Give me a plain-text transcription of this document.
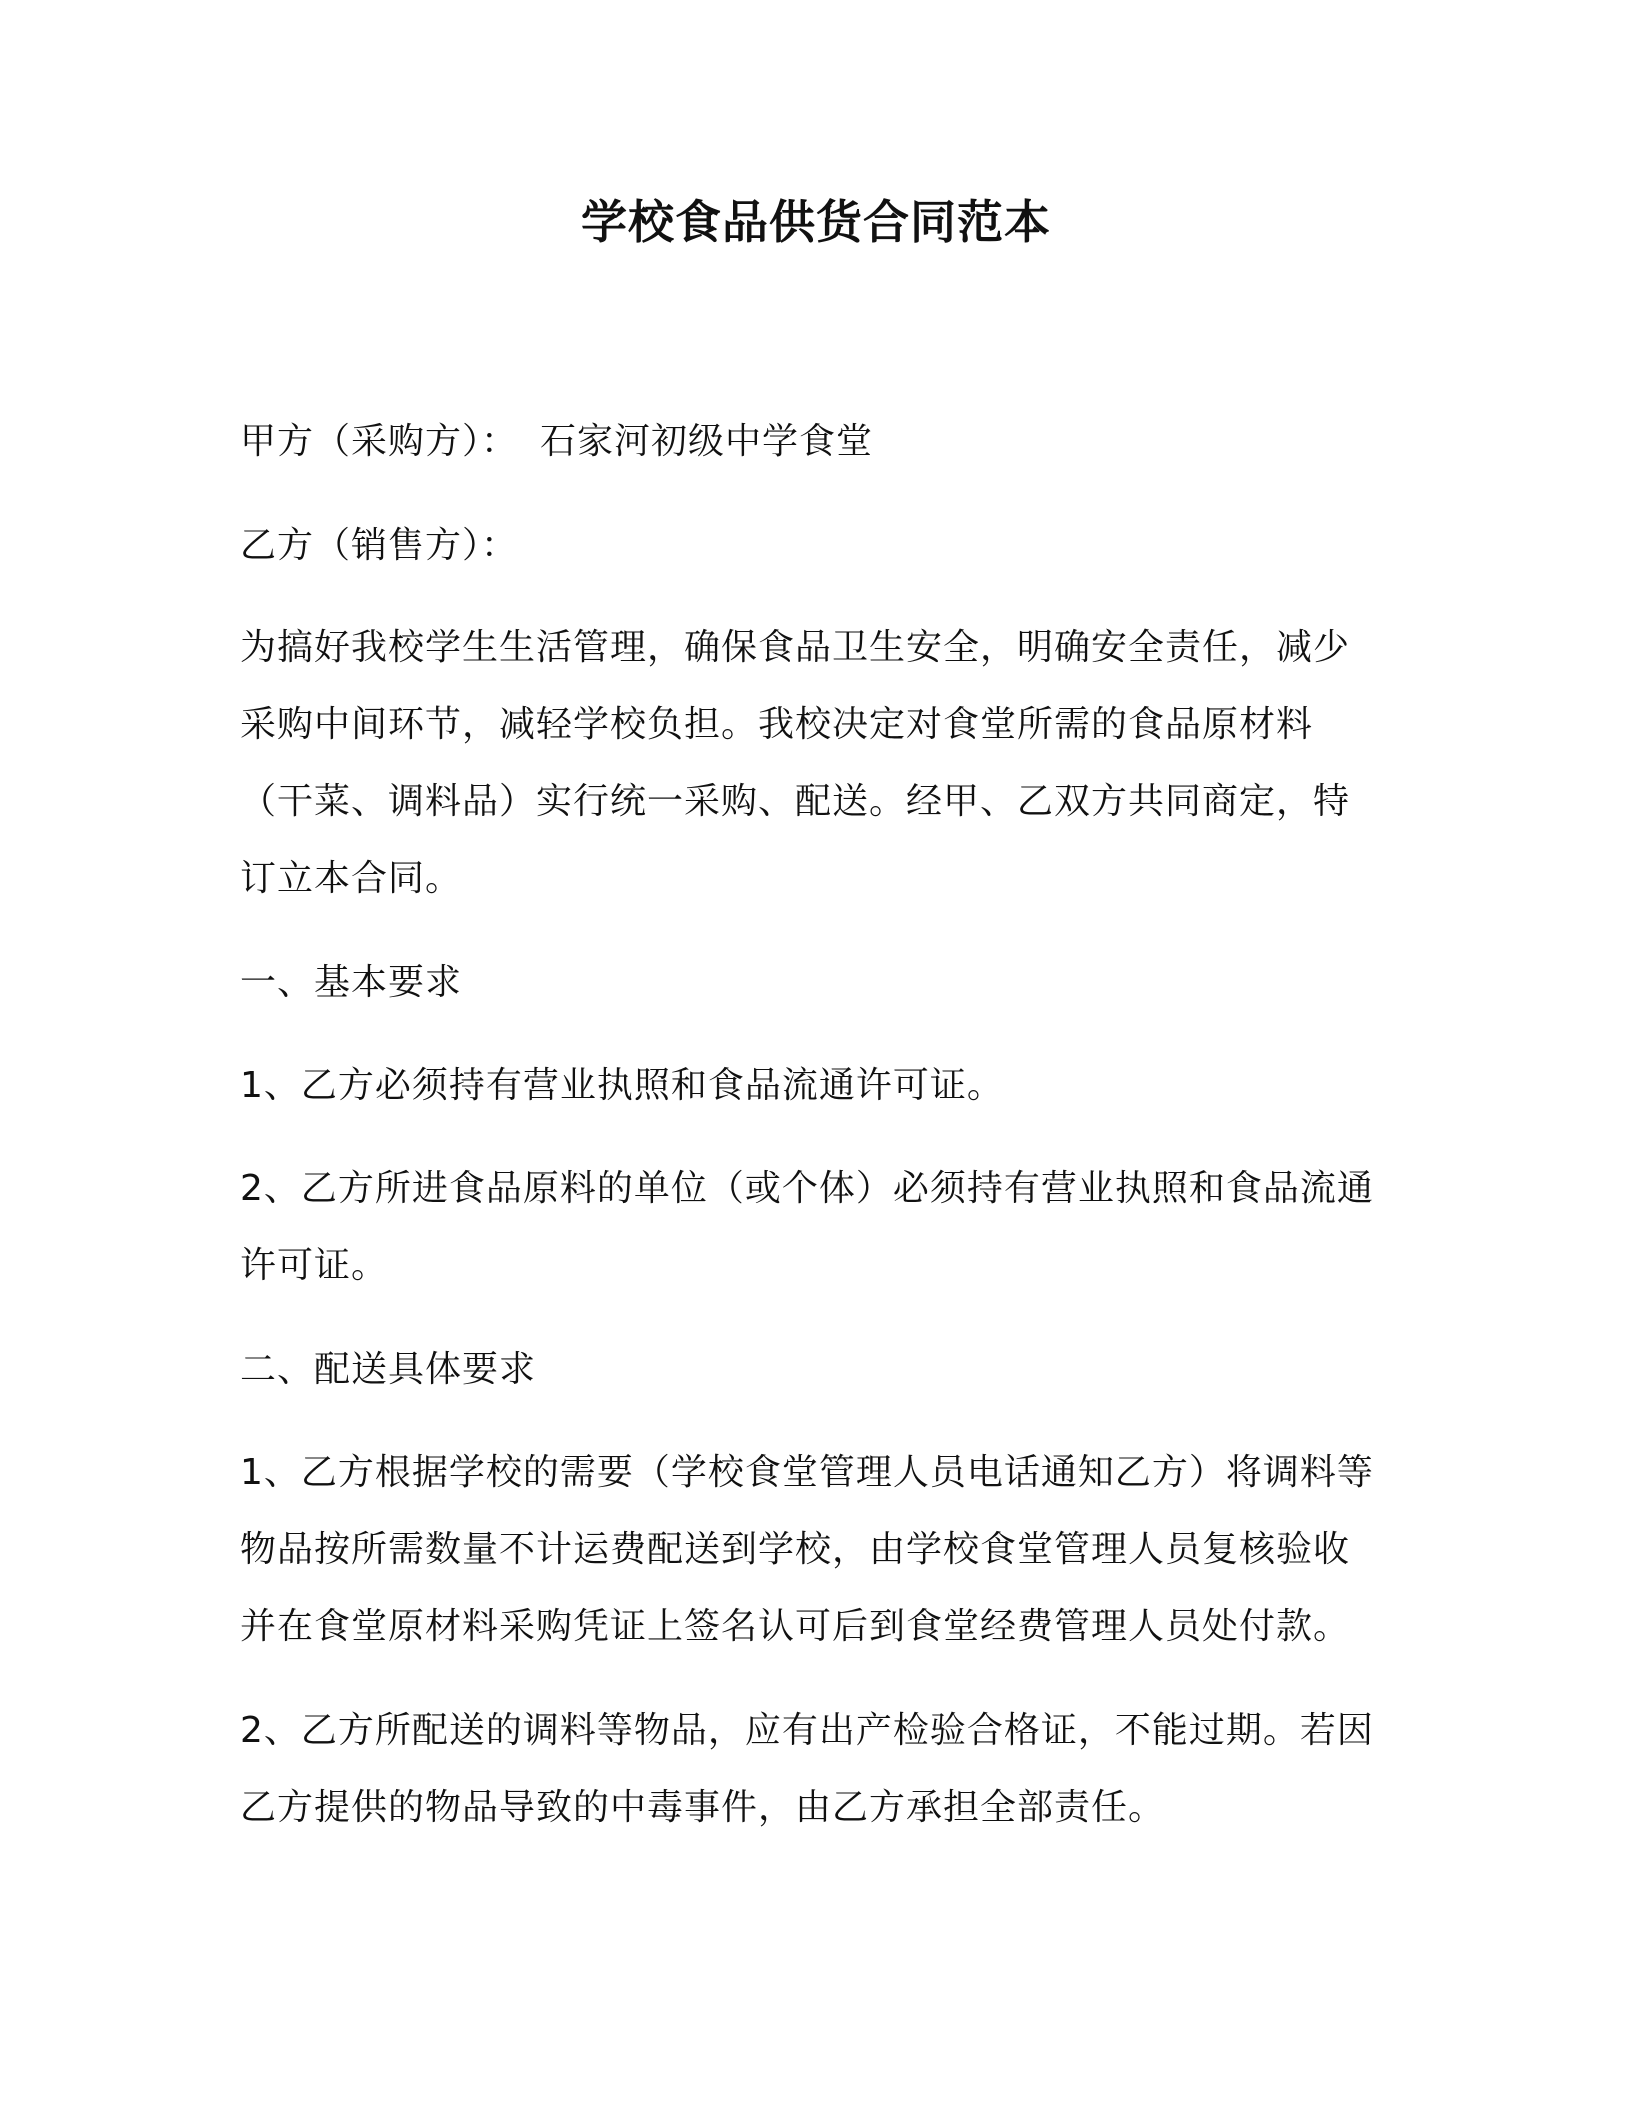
学校食品供货合同范本
甲方（采购方）： 石家河初级中学食堂
乙方（销售方）：
为搞好我校学生生活管理，确保食品卫生安全，明确安全责任，减少
采购中间环节，减轻学校负担。我校决定对食堂所需的食品原材料
（干菜、调料品）实行统一采购、配送。经甲、乙双方共同商定，特
订立本合同。
一、基本要求
1、乙方必须持有营业执照和食品流通许可证。
2、乙方所进食品原料的单位（或个体）必须持有营业执照和食品流通
许可证。
二、配送具体要求
1、乙方根据学校的需要（学校食堂管理人员电话通知乙方）将调料等
物品按所需数量不计运费配送到学校，由学校食堂管理人员复核验收
并在食堂原材料采购凭证上签名认可后到食堂经费管理人员处付款。
2、乙方所配送的调料等物品，应有出产检验合格证，不能过期。若因
乙方提供的物品导致的中毒事件，由乙方承担全部责任。
